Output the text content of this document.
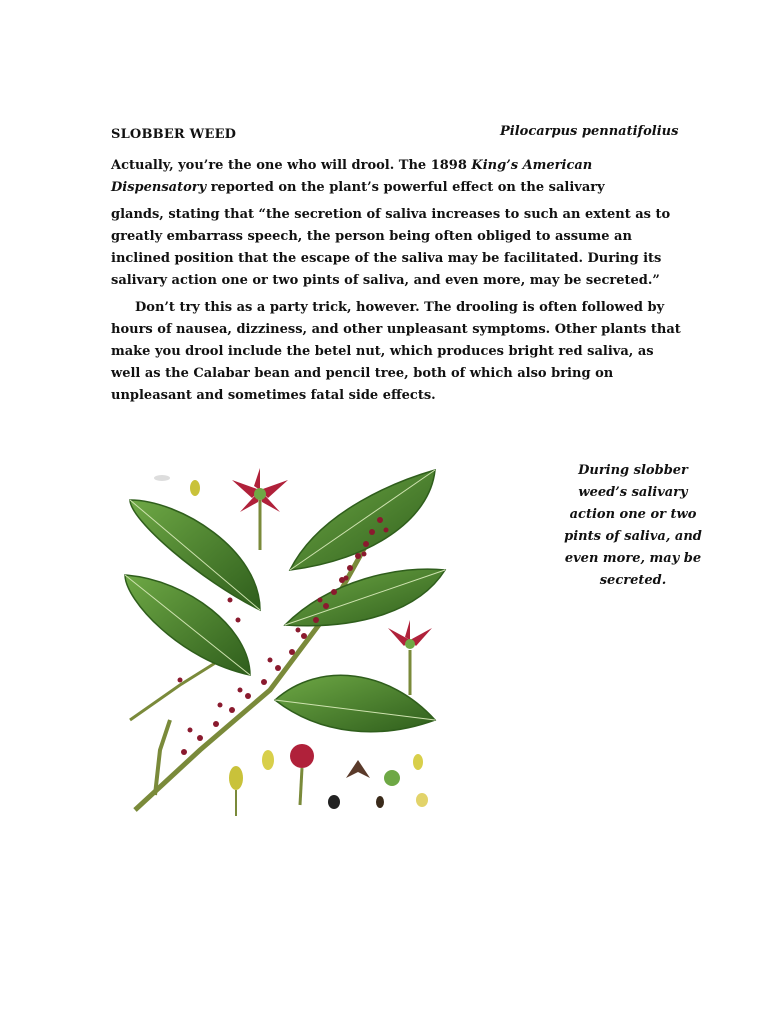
SLOBBER WEED	Pilocarpus pennatifolius

Actually, you’re the one who will drool. The 1898 King’s American
Dispensatory reported on the plant’s powerful effect on the salivary
glands, stating that “the secretion of saliva increases to such an extent as to
greatly embarrass speech, the person being often obliged to assume an
inclined position that the escape of the saliva may be facilitated. During its
salivary action one or two pints of saliva, and even more, may be secreted.”

Don’t try this as a party trick, however. The drooling is often followed by
hours of nausea, dizziness, and other unpleasant symptoms. Other plants that
make you drool include the betel nut, which produces bright red saliva, as
well as the Calabar bean and pencil tree, both of which also bring on
unpleasant and sometimes fatal side effects.

During slobber
weed’s salivary
action one or two
pints of saliva, and
even more, may be
secreted.
